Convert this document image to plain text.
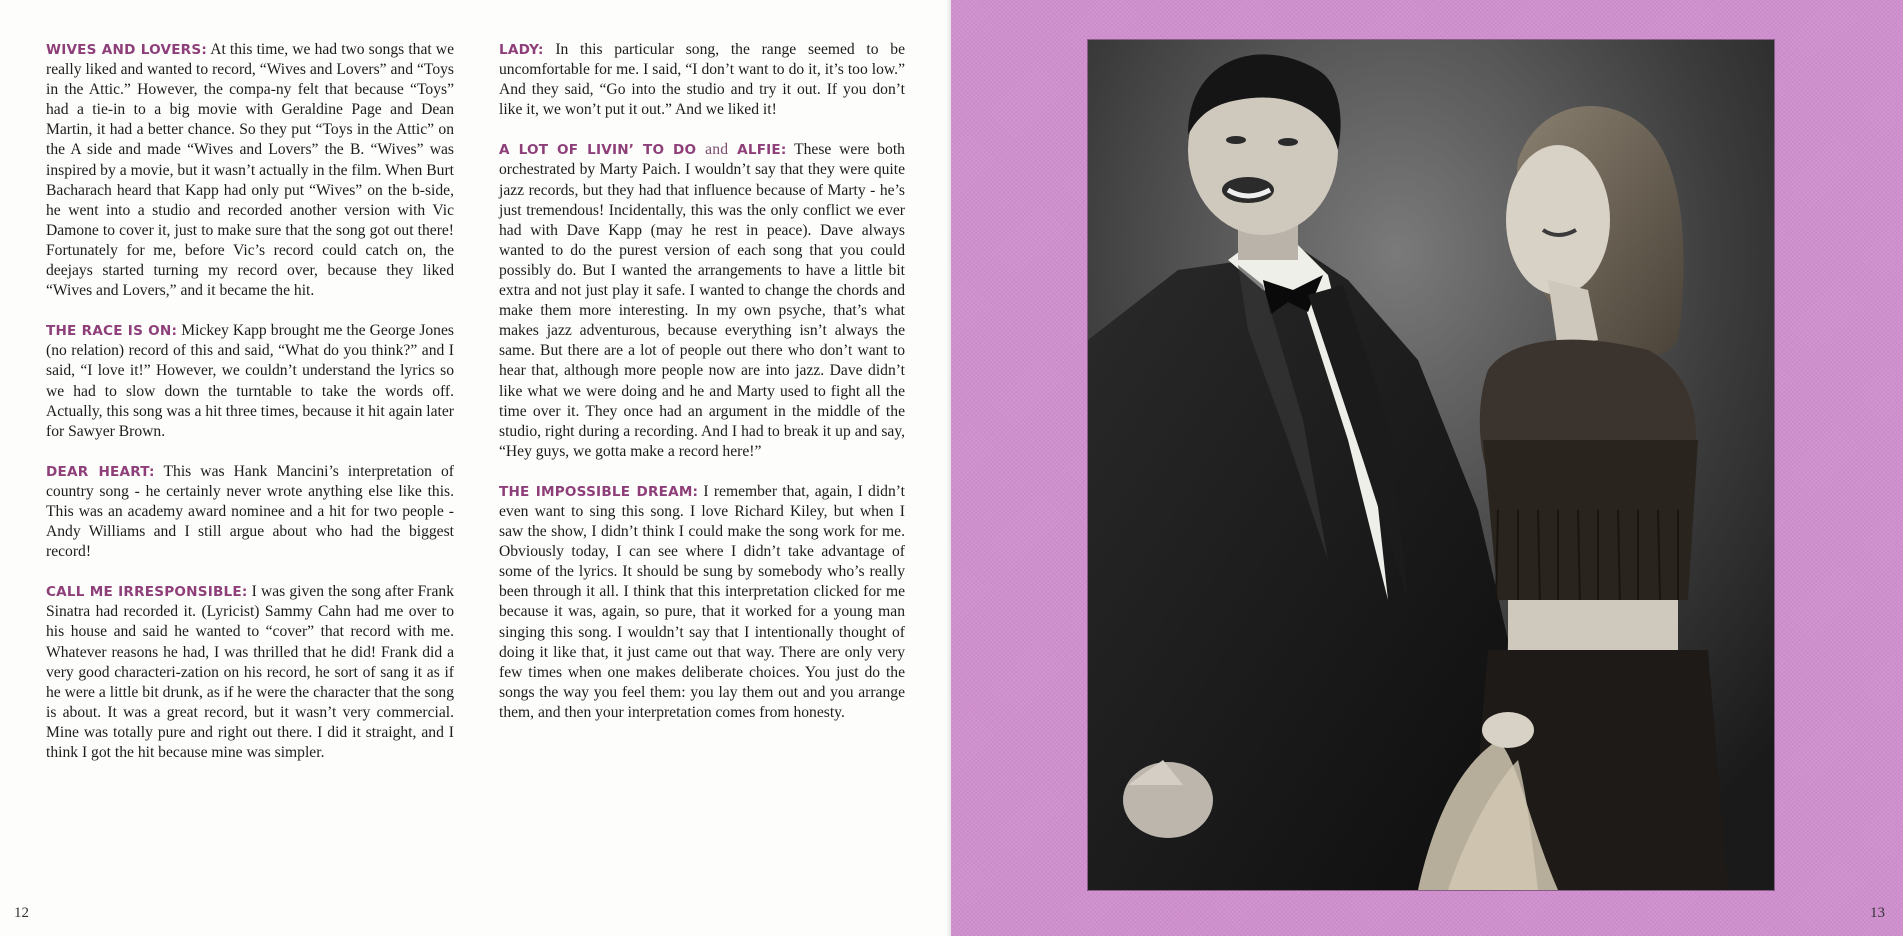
WIVES AND LOVERS: At this time, we had two songs that we really liked and wanted to record, “Wives and Lovers” and “Toys in the Attic.” However, the compa-ny felt that because “Toys” had a tie-in to a big movie with Geraldine Page and Dean Martin, it had a better chance. So they put “Toys in the Attic” on the A side and made “Wives and Lovers” the B. “Wives” was inspired by a movie, but it wasn’t actually in the film. When Burt Bacharach heard that Kapp had only put “Wives” on the b-side, he went into a studio and recorded another version with Vic Damone to cover it, just to make sure that the song got out there! Fortunately for me, before Vic’s record could catch on, the deejays started turning my record over, because they liked “Wives and Lovers,” and it became the hit.

THE RACE IS ON: Mickey Kapp brought me the George Jones (no relation) record of this and said, “What do you think?” and I said, “I love it!” However, we couldn’t understand the lyrics so we had to slow down the turntable to take the words off. Actually, this song was a hit three times, because it hit again later for Sawyer Brown.

DEAR HEART: This was Hank Mancini’s interpretation of country song - he certainly never wrote anything else like this. This was an academy award nominee and a hit for two people - Andy Williams and I still argue about who had the biggest record!

CALL ME IRRESPONSIBLE: I was given the song after Frank Sinatra had recorded it. (Lyricist) Sammy Cahn had me over to his house and said he wanted to “cover” that record with me. Whatever reasons he had, I was thrilled that he did! Frank did a very good characteri-zation on his record, he sort of sang it as if he were a little bit drunk, as if he were the character that the song is about. It was a great record, but it wasn’t very commercial. Mine was totally pure and right out there. I did it straight, and I think I got the hit because mine was simpler.

LADY: In this particular song, the range seemed to be uncomfortable for me. I said, “I don’t want to do it, it’s too low.” And they said, “Go into the studio and try it out. If you don’t like it, we won’t put it out.” And we liked it!

A LOT OF LIVIN’ TO DO and ALFIE: These were both orchestrated by Marty Paich. I wouldn’t say that they were quite jazz records, but they had that influence because of Marty - he’s just tremendous! Incidentally, this was the only conflict we ever had with Dave Kapp (may he rest in peace). Dave always wanted to do the purest version of each song that you could possibly do. But I wanted the arrangements to have a little bit extra and not just play it safe. I wanted to change the chords and make them more interesting. In my own psyche, that’s what makes jazz adventurous, because everything isn’t always the same. But there are a lot of people out there who don’t want to hear that, although more people now are into jazz. Dave didn’t like what we were doing and he and Marty used to fight all the time over it. They once had an argument in the middle of the studio, right during a recording. And I had to break it up and say, “Hey guys, we gotta make a record here!”

THE IMPOSSIBLE DREAM: I remember that, again, I didn’t even want to sing this song. I love Richard Kiley, but when I saw the show, I didn’t think I could make the song work for me. Obviously today, I can see where I didn’t take advantage of some of the lyrics. It should be sung by somebody who’s really been through it all. I think that this interpretation clicked for me because it was, again, so pure, that it worked for a young man singing this song. I wouldn’t say that I intentionally thought of doing it like that, it just came out that way. There are only very few times when one makes deliberate choices. You just do the songs the way you feel them: you lay them out and you arrange them, and then your interpretation comes from honesty.

12	13
